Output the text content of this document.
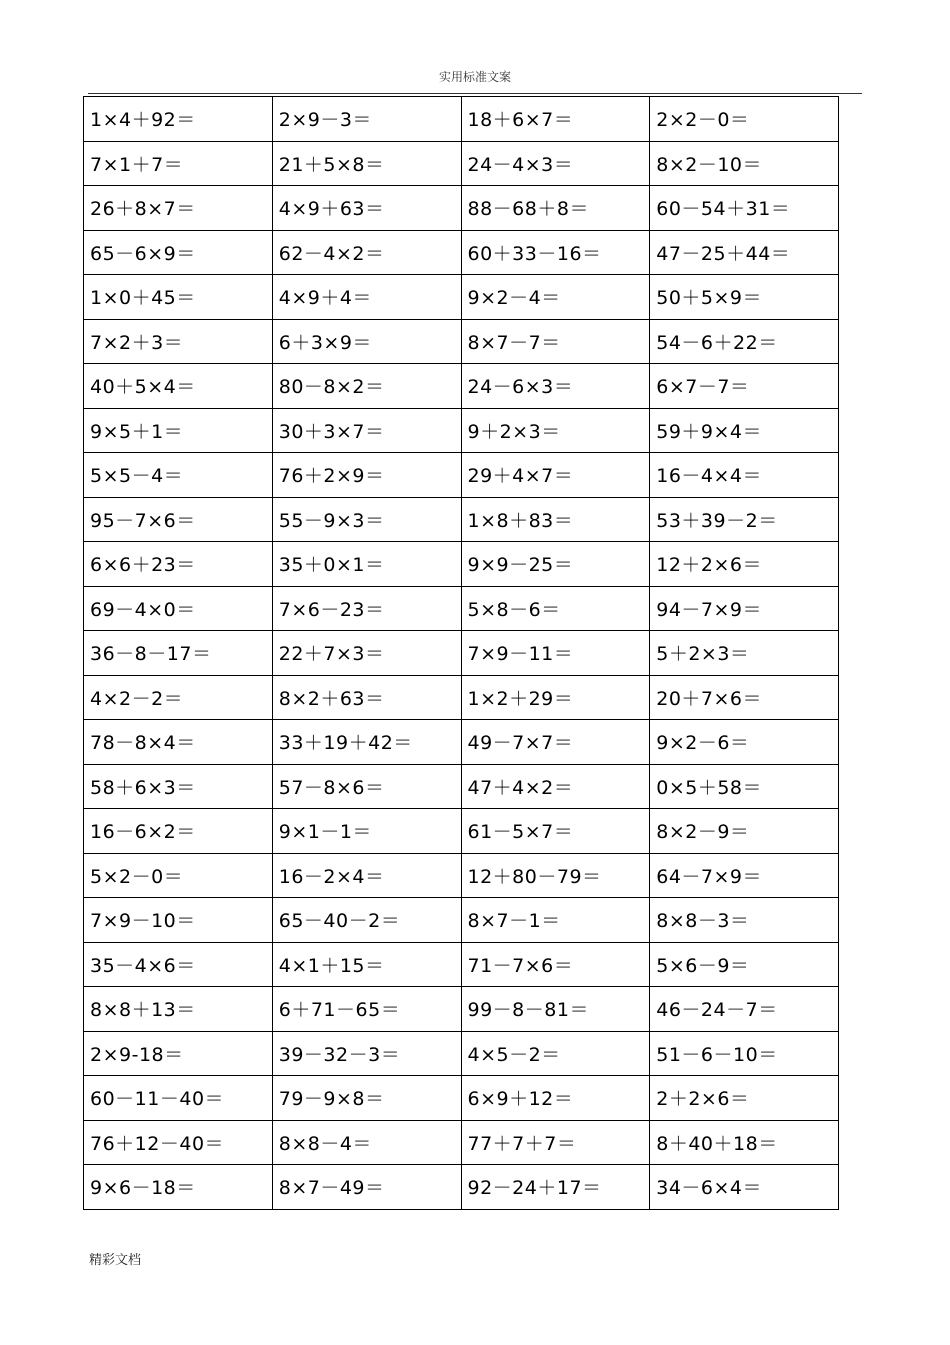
实用标准文案
1×4＋92＝	2×9－3＝	18＋6×7＝	2×2－0＝
7×1＋7＝	21＋5×8＝	24－4×3＝	8×2－10＝
26＋8×7＝	4×9＋63＝	88－68＋8＝	60－54＋31＝
65－6×9＝	62－4×2＝	60＋33－16＝	47－25＋44＝
1×0＋45＝	4×9＋4＝	9×2－4＝	50＋5×9＝
7×2＋3＝	6＋3×9＝	8×7－7＝	54－6＋22＝
40＋5×4＝	80－8×2＝	24－6×3＝	6×7－7＝
9×5＋1＝	30＋3×7＝	9＋2×3＝	59＋9×4＝
5×5－4＝	76＋2×9＝	29＋4×7＝	16－4×4＝
95－7×6＝	55－9×3＝	1×8＋83＝	53＋39－2＝
6×6＋23＝	35＋0×1＝	9×9－25＝	12＋2×6＝
69－4×0＝	7×6－23＝	5×8－6＝	94－7×9＝
36－8－17＝	22＋7×3＝	7×9－11＝	5＋2×3＝
4×2－2＝	8×2＋63＝	1×2＋29＝	20＋7×6＝
78－8×4＝	33＋19＋42＝	49－7×7＝	9×2－6＝
58＋6×3＝	57－8×6＝	47＋4×2＝	0×5＋58＝
16－6×2＝	9×1－1＝	61－5×7＝	8×2－9＝
5×2－0＝	16－2×4＝	12＋80－79＝	64－7×9＝
7×9－10＝	65－40－2＝	8×7－1＝	8×8－3＝
35－4×6＝	4×1＋15＝	71－7×6＝	5×6－9＝
8×8＋13＝	6＋71－65＝	99－8－81＝	46－24－7＝
2×9-18＝	39－32－3＝	4×5－2＝	51－6－10＝
60－11－40＝	79－9×8＝	6×9＋12＝	2＋2×6＝
76＋12－40＝	8×8－4＝	77＋7＋7＝	8＋40＋18＝
9×6－18＝	8×7－49＝	92－24＋17＝	34－6×4＝
精彩文档
